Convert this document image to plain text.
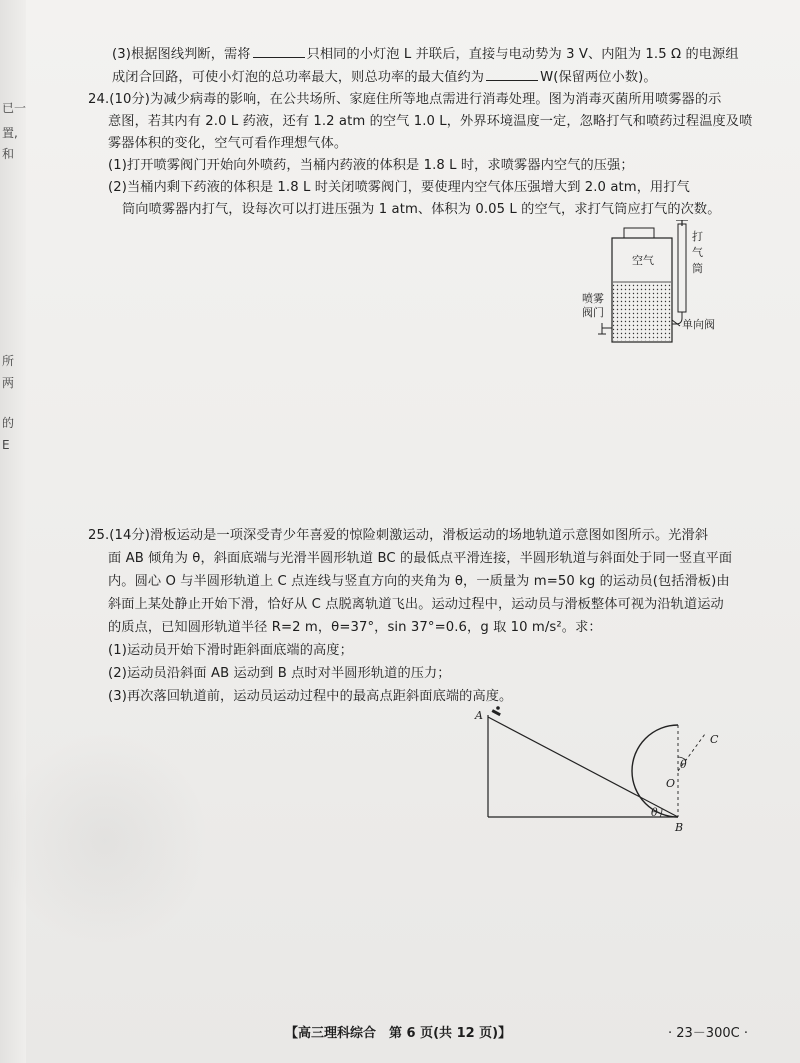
已一
置,
和
所
两
的
E
(3)根据图线判断，需将	只相同的小灯泡 L 并联后，直接与电动势为 3 V、内阻为 1.5 Ω 的电源组
成闭合回路，可使小灯泡的总功率最大，则总功率的最大值约为	W(保留两位小数)。
24.(10分)为减少病毒的影响，在公共场所、家庭住所等地点需进行消毒处理。图为消毒灭菌所用喷雾器的示
意图，若其内有 2.0 L 药液，还有 1.2 atm 的空气 1.0 L，外界环境温度一定，忽略打气和喷药过程温度及喷
雾器体积的变化，空气可看作理想气体。
(1)打开喷雾阀门开始向外喷药，当桶内药液的体积是 1.8 L 时，求喷雾器内空气的压强；
(2)当桶内剩下药液的体积是 1.8 L 时关闭喷雾阀门，要使理内空气体压强增大到 2.0 atm，用打气
筒向喷雾器内打气，设每次可以打进压强为 1 atm、体积为 0.05 L 的空气，求打气筒应打气的次数。
空气
打
气
筒
单向阀
喷雾
阀门
25.(14分)滑板运动是一项深受青少年喜爱的惊险刺激运动，滑板运动的场地轨道示意图如图所示。光滑斜
面 AB 倾角为 θ，斜面底端与光滑半圆形轨道 BC 的最低点平滑连接，半圆形轨道与斜面处于同一竖直平面
内。圆心 O 与半圆形轨道上 C 点连线与竖直方向的夹角为 θ，一质量为 m=50 kg 的运动员(包括滑板)由
斜面上某处静止开始下滑，恰好从 C 点脱离轨道飞出。运动过程中，运动员与滑板整体可视为沿轨道运动
的质点，已知圆形轨道半径 R=2 m，θ=37°，sin 37°=0.6，g 取 10 m/s²。求：
(1)运动员开始下滑时距斜面底端的高度；
(2)运动员沿斜面 AB 运动到 B 点时对半圆形轨道的压力；
(3)再次落回轨道前，运动员运动过程中的最高点距斜面底端的高度。
θ
θ
A
B
C
O
【高三理科综合　第 6 页(共 12 页)】	· 23－300C ·
